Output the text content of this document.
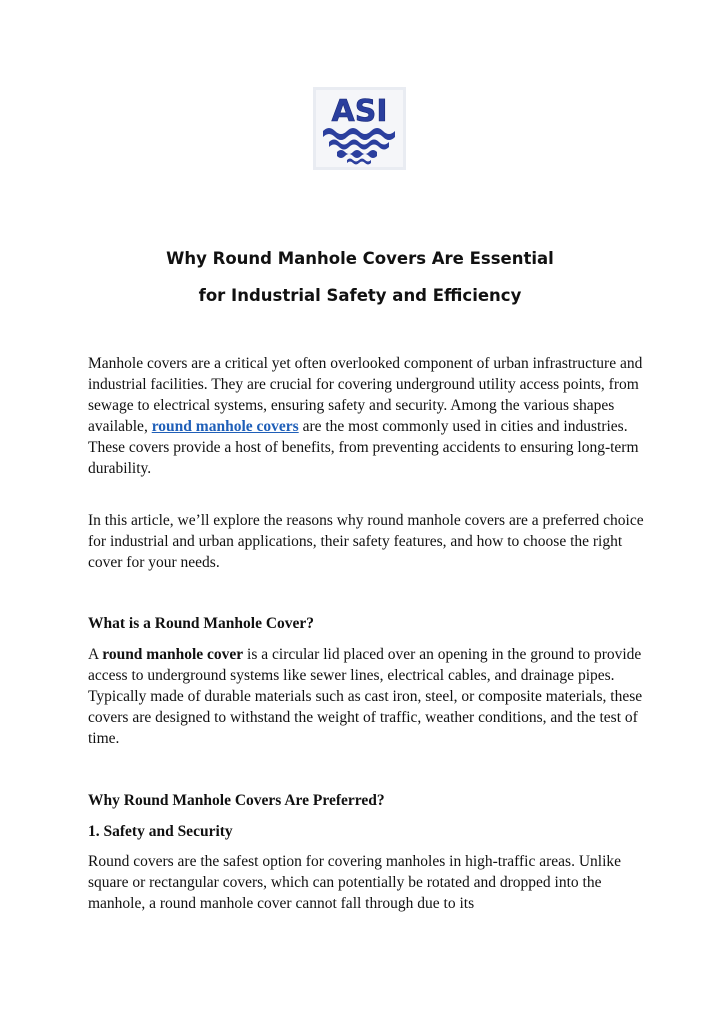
ASI
Why Round Manhole Covers Are Essential
for Industrial Safety and Efficiency

Manhole covers are a critical yet often overlooked component of urban infrastructure and industrial facilities. They are crucial for covering underground utility access points, from sewage to electrical systems, ensuring safety and security. Among the various shapes available, round manhole covers are the most commonly used in cities and industries. These covers provide a host of benefits, from preventing accidents to ensuring long-term durability.

In this article, we’ll explore the reasons why round manhole covers are a preferred choice for industrial and urban applications, their safety features, and how to choose the right cover for your needs.

What is a Round Manhole Cover?

A round manhole cover is a circular lid placed over an opening in the ground to provide access to underground systems like sewer lines, electrical cables, and drainage pipes. Typically made of durable materials such as cast iron, steel, or composite materials, these covers are designed to withstand the weight of traffic, weather conditions, and the test of time.

Why Round Manhole Covers Are Preferred?

1. Safety and Security

Round covers are the safest option for covering manholes in high-traffic areas. Unlike square or rectangular covers, which can potentially be rotated and dropped into the manhole, a round manhole cover cannot fall through due to its
